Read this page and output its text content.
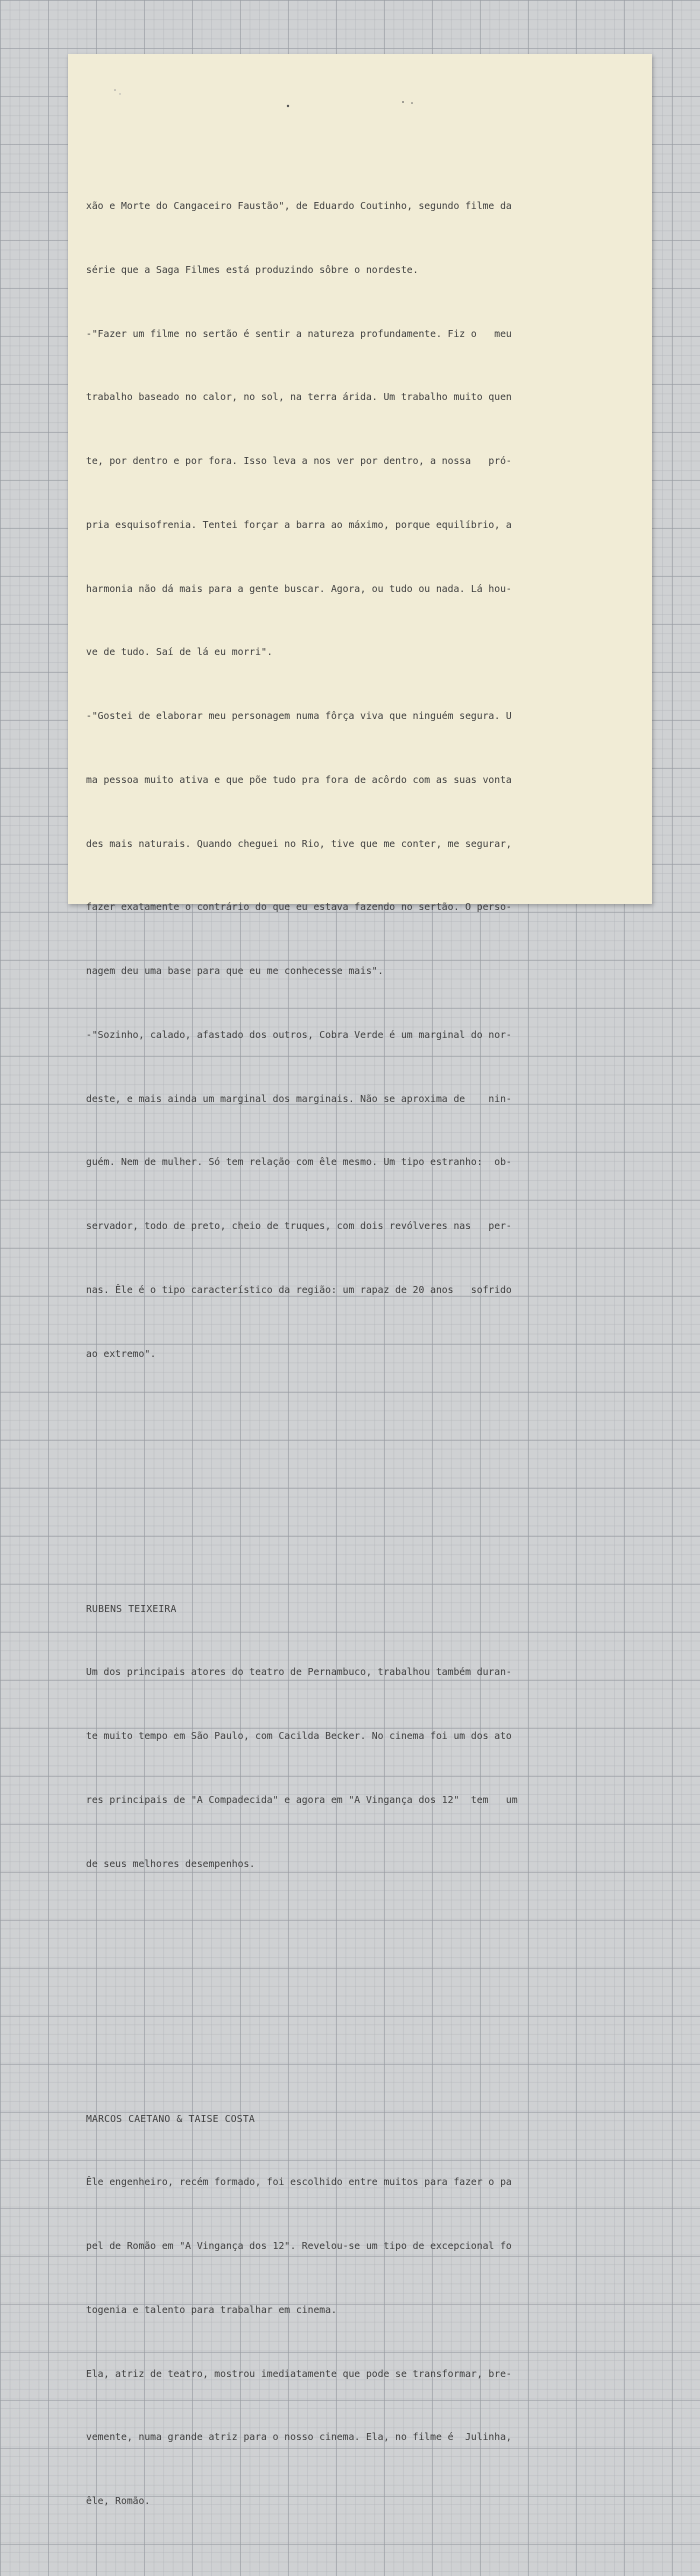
xão e Morte do Cangaceiro Faustão", de Eduardo Coutinho, segundo filme da

série que a Saga Filmes está produzindo sôbre o nordeste.

-"Fazer um filme no sertão é sentir a natureza profundamente. Fiz o   meu

trabalho baseado no calor, no sol, na terra árida. Um trabalho muito quen

te, por dentro e por fora. Isso leva a nos ver por dentro, a nossa   pró-

pria esquisofrenia. Tentei forçar a barra ao máximo, porque equilíbrio, a

harmonia não dá mais para a gente buscar. Agora, ou tudo ou nada. Lá hou-

ve de tudo. Saí de lá eu morri".

-"Gostei de elaborar meu personagem numa fôrça viva que ninguém segura. U

ma pessoa muito ativa e que põe tudo pra fora de acôrdo com as suas vonta

des mais naturais. Quando cheguei no Rio, tive que me conter, me segurar,

fazer exatamente o contrário do que eu estava fazendo no sertão. O perso-

nagem deu uma base para que eu me conhecesse mais".

-"Sozinho, calado, afastado dos outros, Cobra Verde é um marginal do nor-

deste, e mais ainda um marginal dos marginais. Não se aproxima de    nin-

guém. Nem de mulher. Só tem relação com êle mesmo. Um tipo estranho:  ob-

servador, todo de preto, cheio de truques, com dois revólveres nas   per-

nas. Êle é o tipo característico da região: um rapaz de 20 anos   sofrido

ao extremo".

RUBENS TEIXEIRA

Um dos principais atores do teatro de Pernambuco, trabalhou também duran-

te muito tempo em São Paulo, com Cacilda Becker. No cinema foi um dos ato

res principais de "A Compadecida" e agora em "A Vingança dos 12"  tem   um

de seus melhores desempenhos.

MARCOS CAETANO & TAISE COSTA

Êle engenheiro, recém formado, foi escolhido entre muitos para fazer o pa

pel de Romão em "A Vingança dos 12". Revelou-se um tipo de excepcional fo

togenia e talento para trabalhar em cinema.

Ela, atriz de teatro, mostrou imediatamente que pode se transformar, bre-

vemente, numa grande atriz para o nosso cinema. Ela, no filme é  Julinha,

êle, Romão.
